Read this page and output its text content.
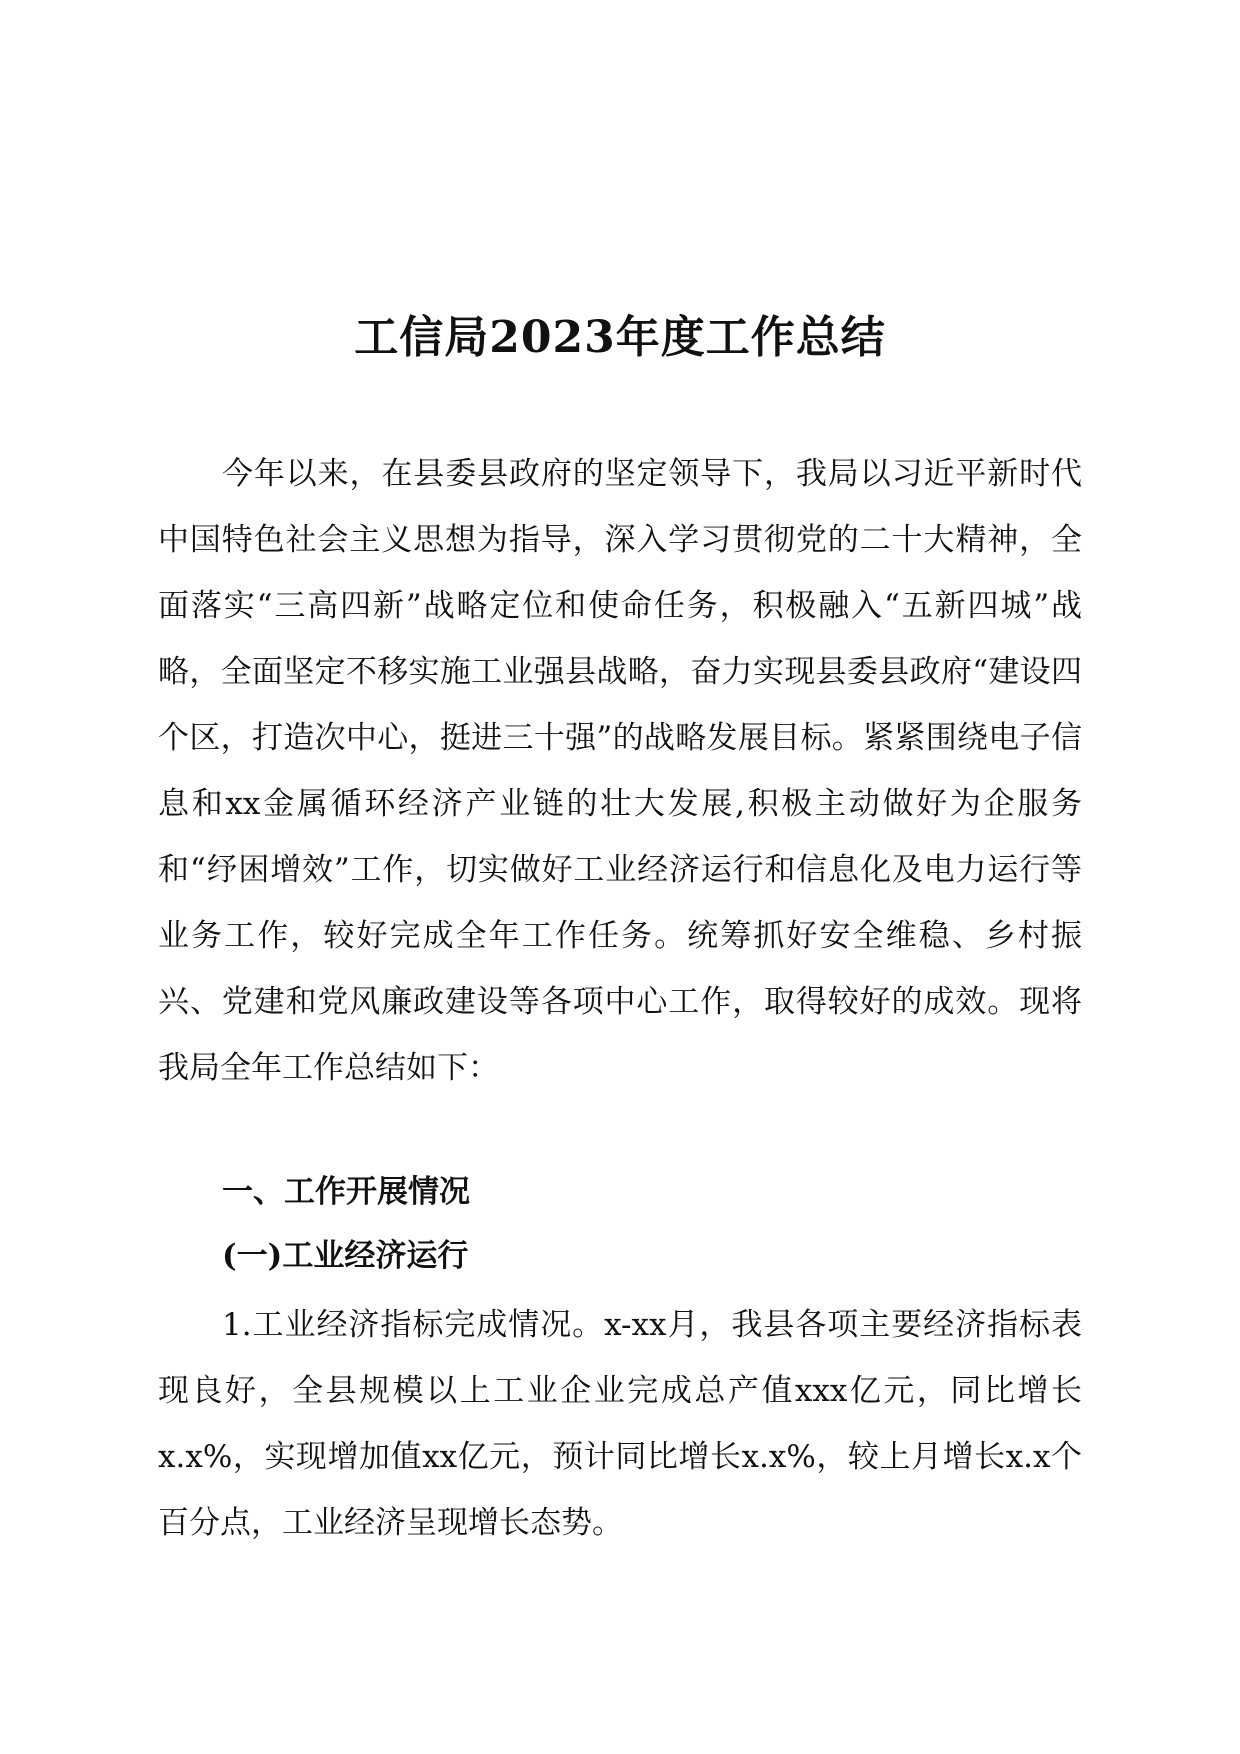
工信局2023年度工作总结

今年以来，在县委县政府的坚定领导下，我局以习近平新时代中国特色社会主义思想为指导，深入学习贯彻党的二十大精神，全面落实“三高四新”战略定位和使命任务，积极融入“五新四城”战略，全面坚定不移实施工业强县战略，奋力实现县委县政府“建设四个区，打造次中心，挺进三十强”的战略发展目标。紧紧围绕电子信息和xx金属循环经济产业链的壮大发展,积极主动做好为企服务和“纾困增效”工作，切实做好工业经济运行和信息化及电力运行等业务工作，较好完成全年工作任务。统筹抓好安全维稳、乡村振兴、党建和党风廉政建设等各项中心工作，取得较好的成效。现将我局全年工作总结如下：

一、工作开展情况
(一)工业经济运行

1.工业经济指标完成情况。x-xx月，我县各项主要经济指标表现良好，全县规模以上工业企业完成总产值xxx亿元，同比增长x.x%，实现增加值xx亿元，预计同比增长x.x%，较上月增长x.x个百分点，工业经济呈现增长态势。
